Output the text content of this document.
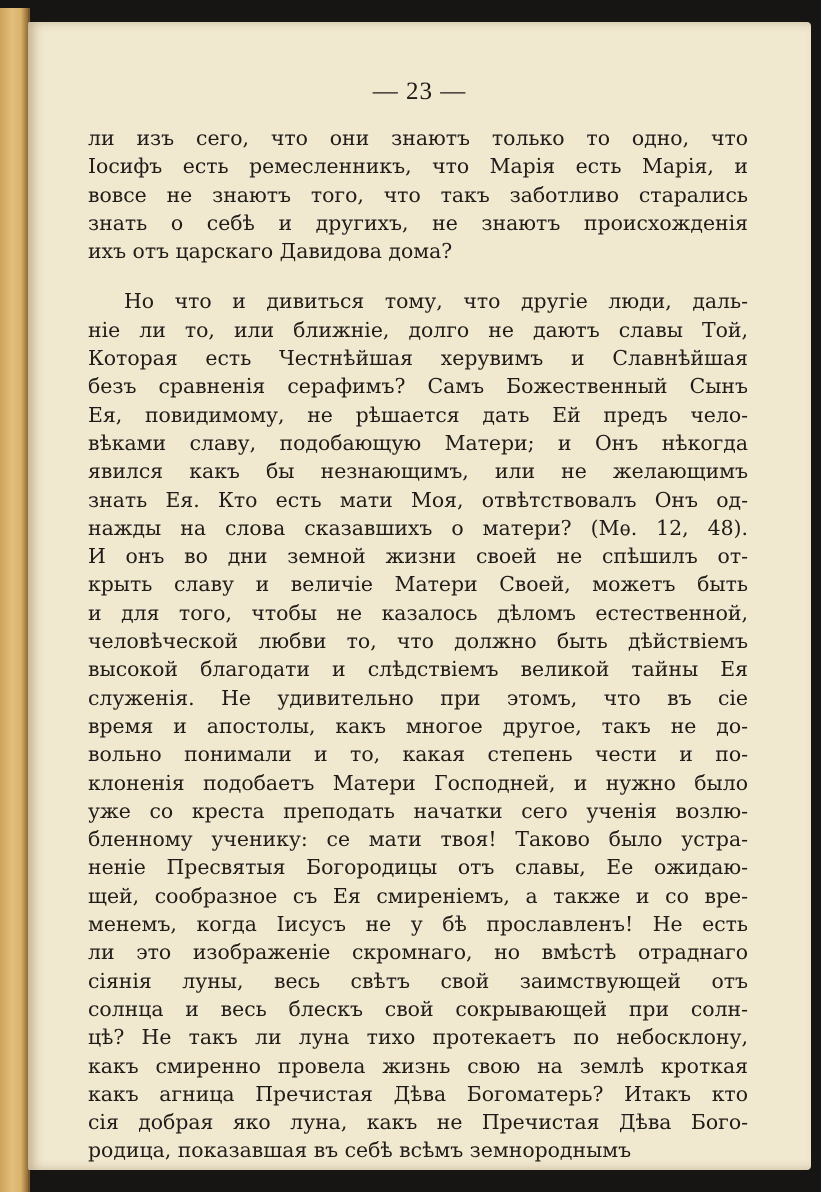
— 23 —
ли изъ сего, что они знаютъ только то одно, что
Іосифъ есть ремесленникъ, что Марія есть Марія, и
вовсе не знаютъ того, что такъ заботливо старались
знать о себѣ и другихъ, не знаютъ происхожденія
ихъ отъ царскаго Давидова дома?
Но что и дивиться тому, что другіе люди, даль-
ніе ли то, или ближніе, долго не даютъ славы Той,
Которая есть Честнѣйшая херувимъ и Славнѣйшая
безъ сравненія серафимъ? Самъ Божественный Сынъ
Ея, повидимому, не рѣшается дать Ей предъ чело-
вѣками славу, подобающую Матери; и Онъ нѣкогда
явился какъ бы незнающимъ, или не желающимъ
знать Ея. Кто есть мати Моя, отвѣтствовалъ Онъ од-
нажды на слова сказавшихъ о матери? (Мѳ. 12, 48).
И онъ во дни земной жизни своей не спѣшилъ от-
крыть славу и величіе Матери Своей, можетъ быть
и для того, чтобы не казалось дѣломъ естественной,
человѣческой любви то, что должно быть дѣйствіемъ
высокой благодати и слѣдствіемъ великой тайны Ея
служенія. Не удивительно при этомъ, что въ сіе
время и апостолы, какъ многое другое, такъ не до-
вольно понимали и то, какая степень чести и по-
клоненія подобаетъ Матери Господней, и нужно было
уже со креста преподать начатки сего ученія возлю-
бленному ученику: се мати твоя! Таково было устра-
неніе Пресвятыя Богородицы отъ славы, Ее ожидаю-
щей, сообразное съ Ея смиреніемъ, а также и со вре-
менемъ, когда Іисусъ не у бѣ прославленъ! Не есть
ли это изображеніе скромнаго, но вмѣстѣ отраднаго
сіянія луны, весь свѣтъ свой заимствующей отъ
солнца и весь блескъ свой сокрывающей при солн-
цѣ? Не такъ ли луна тихо протекаетъ по небосклону,
какъ смиренно провела жизнь свою на землѣ кроткая
какъ агница Пречистая Дѣва Богоматерь? Итакъ кто
сія добрая яко луна, какъ не Пречистая Дѣва Бого-
родица, показавшая въ себѣ всѣмъ земнороднымъ
